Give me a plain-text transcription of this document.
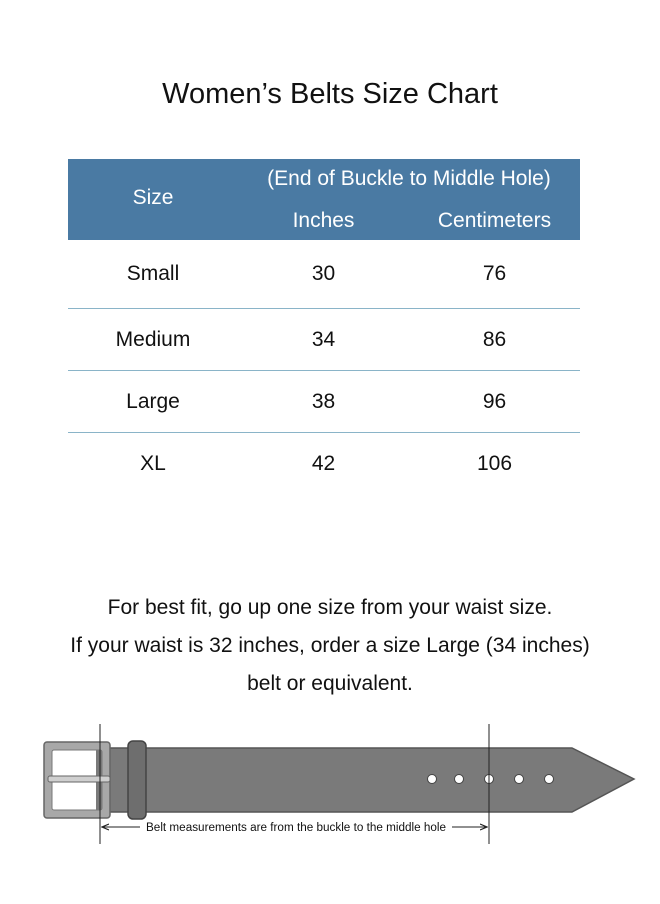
Women’s Belts Size Chart
Size
(End of Buckle to Middle Hole)
Inches	Centimeters
Small	30	76
Medium	34	86
Large	38	96
XL	42	106
For best fit, go up one size from your waist size.
If your waist is 32 inches, order a size Large (34 inches)
belt or equivalent.
Belt measurements are from the buckle to the middle hole
